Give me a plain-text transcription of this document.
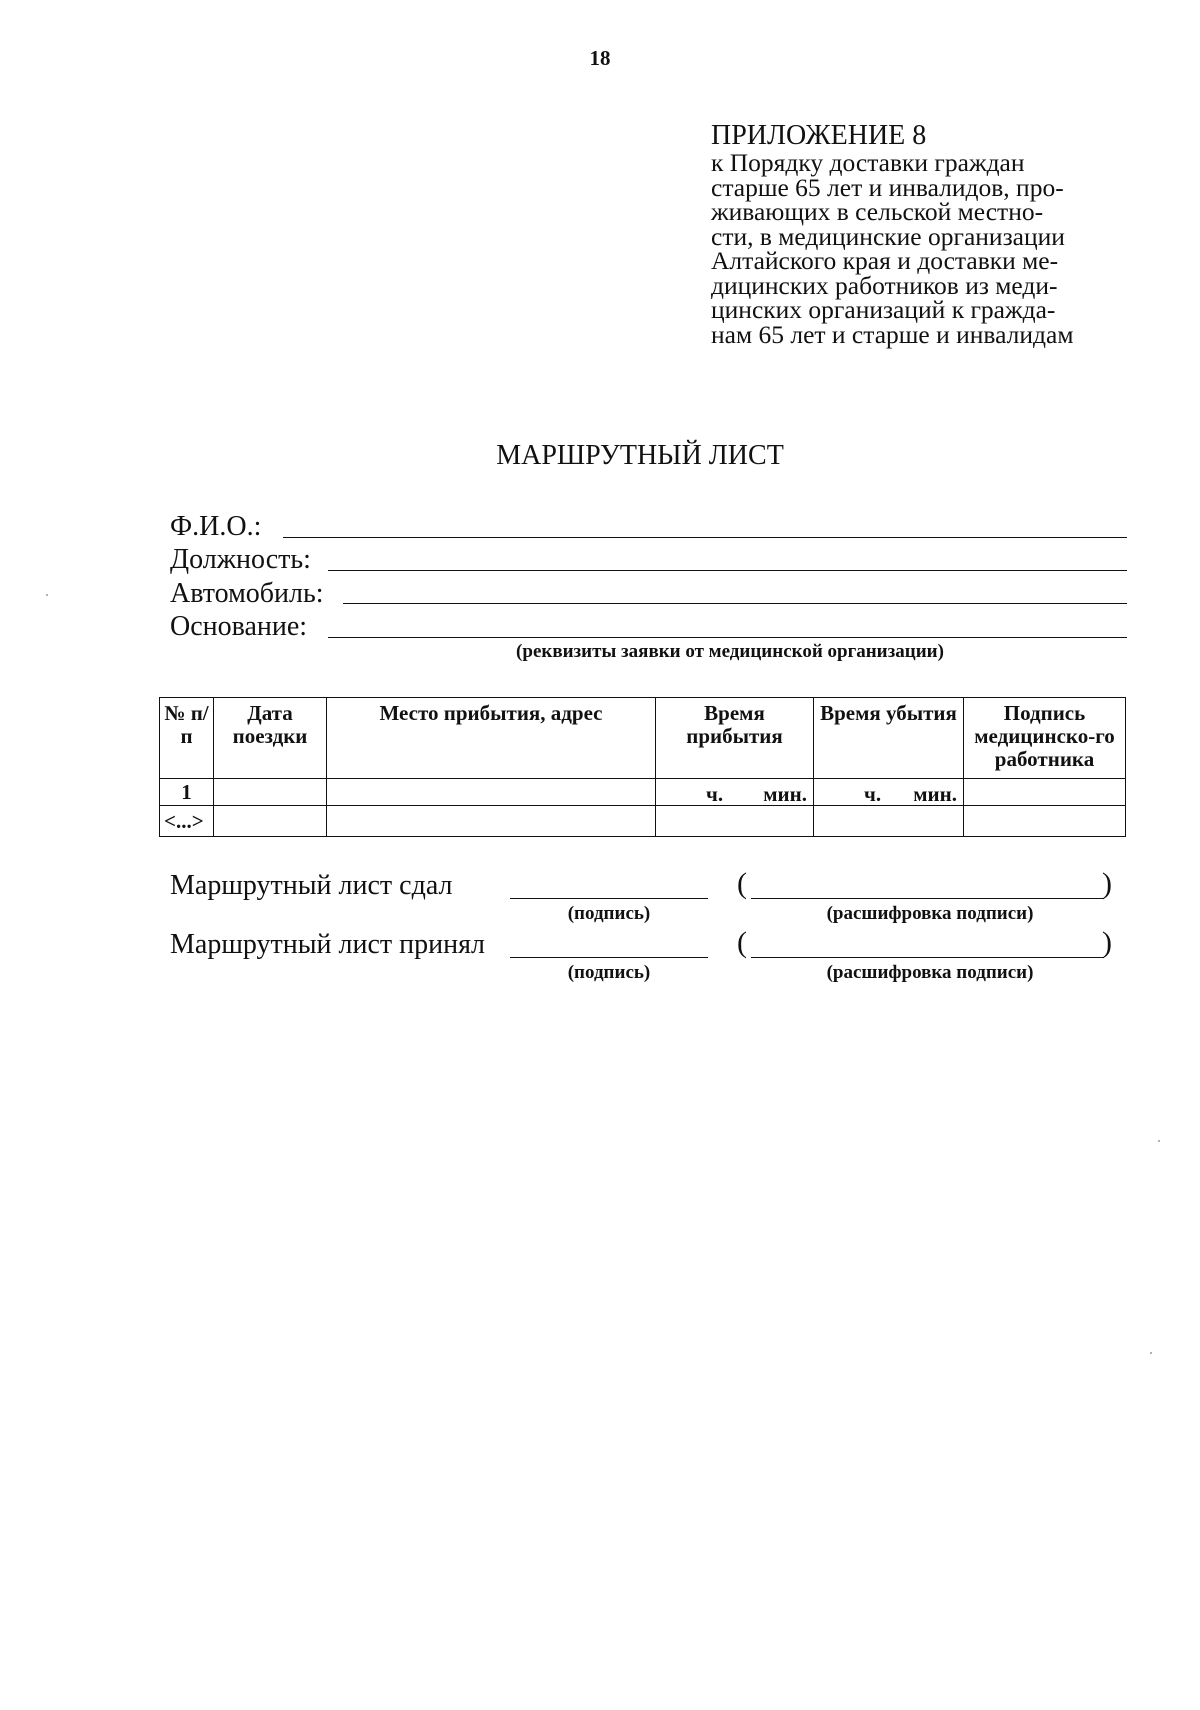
18
ПРИЛОЖЕНИЕ 8
к Порядку доставки граждан
старше 65 лет и инвалидов, про-
живающих в сельской местно-
сти, в медицинские организации
Алтайского края и доставки ме-
дицинских работников из меди-
цинских организаций к гражда-
нам 65 лет и старше и инвалидам
МАРШРУТНЫЙ ЛИСТ
Ф.И.О.:
Должность:
Автомобиль:
Основание:
(реквизиты заявки от медицинской организации)
№ п/п	Дата поездки	Место прибытия, адрес	Время прибытия	Время убытия	Подпись медицинско-го работника
1			ч. мин.	ч. мин.	

<...>					
Маршрутный лист сдал
(подпись)
(	)
(расшифровка подписи)
Маршрутный лист принял
(подпись)
(	)
(расшифровка подписи)
